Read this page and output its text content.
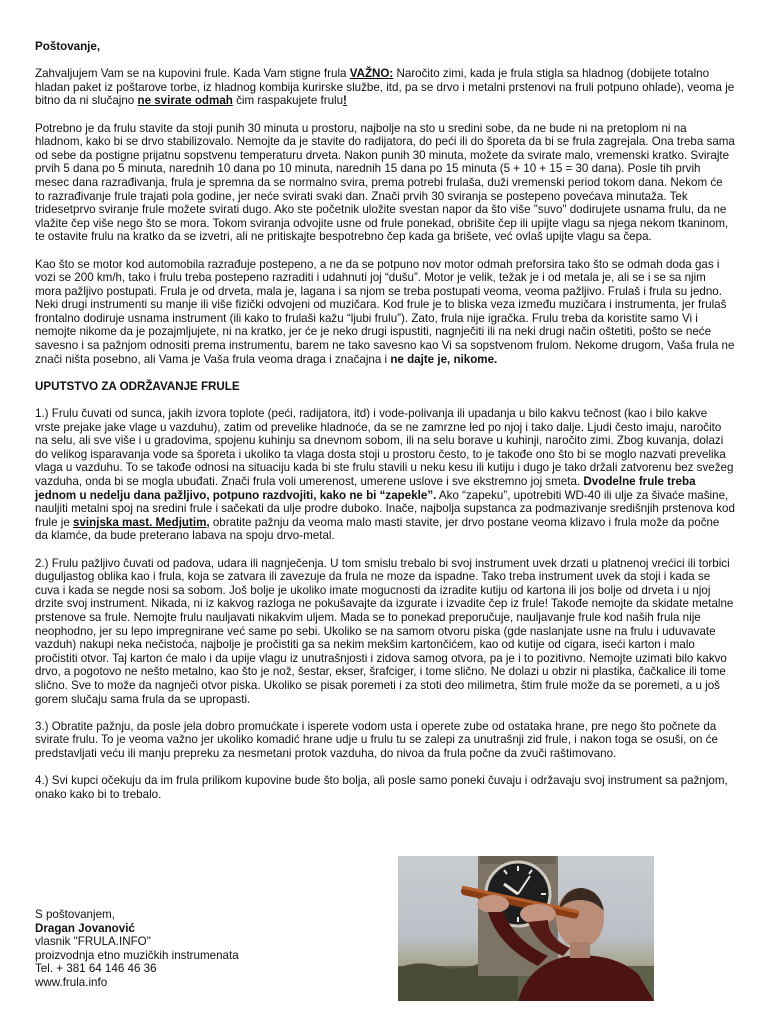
Poštovanje,

Zahvaljujem Vam se na kupovini frule. Kada Vam stigne frula VAŽNO: Naročito zimi, kada je frula stigla sa hladnog (dobijete totalno hladan paket iz poštarove torbe, iz hladnog kombija kurirske službe, itd, pa se drvo i metalni prstenovi na fruli potpuno ohlade), veoma je bitno da ni slučajno ne svirate odmah čim raspakujete frulu!

Potrebno je da frulu stavite da stoji punih 30 minuta u prostoru, najbolje na sto u sredini sobe, da ne bude ni na pretoplom ni na hladnom, kako bi se drvo stabilizovalo. Nemojte da je stavite do radijatora, do peći ili do šporeta da bi se frula zagrejala. Ona treba sama od sebe da postigne prijatnu sopstvenu temperaturu drveta. Nakon punih 30 minuta, možete da svirate malo, vremenski kratko. Svirajte prvih 5 dana po 5 minuta, narednih 10 dana po 10 minuta, narednih 15 dana po 15 minuta (5 + 10 + 15 = 30 dana). Posle tih prvih mesec dana razrađivanja, frula je spremna da se normalno svira, prema potrebi frulaša, duži vremenski period tokom dana. Nekom će to razrađivanje frule trajati pola godine, jer neće svirati svaki dan. Znači prvih 30 sviranja se postepeno povećava minutaža. Tek tridesetprvo sviranje frule možete svirati dugo. Ako ste početnik uložite svestan napor da što više "suvo" dodirujete usnama frulu, da ne vlažite čep više nego što se mora. Tokom sviranja odvojite usne od frule ponekad, obrišite čep ili upijte vlagu sa njega nekom tkaninom, te ostavite frulu na kratko da se izvetri, ali ne pritiskajte bespotrebno čep kada ga brišete, već ovlaš upijte vlagu sa čepa.

Kao što se motor kod automobila razrađuje postepeno, a ne da se potpuno nov motor odmah preforsira tako što se odmah doda gas i vozi se 200 km/h, tako i frulu treba postepeno razraditi i udahnuti joj “dušu”. Motor je velik, težak je i od metala je, ali se i se sa njim mora pažljivo postupati. Frula je od drveta, mala je, lagana i sa njom se treba postupati veoma, veoma pažljivo. Frulaš i frula su jedno. Neki drugi instrumenti su manje ili više fizički odvojeni od muzičara. Kod frule je to bliska veza između muzičara i instrumenta, jer frulaš frontalno dodiruje usnama instrument (ili kako to frulaši kažu “ljubi frulu”). Zato, frula nije igračka. Frulu treba da koristite samo Vi i nemojte nikome da je pozajmljujete, ni na kratko, jer će je neko drugi ispustiti, nagnječiti ili na neki drugi način oštetiti, pošto se neće savesno i sa pažnjom odnositi prema instrumentu, barem ne tako savesno kao Vi sa sopstvenom frulom. Nekome drugom, Vaša frula ne znači ništa posebno, ali Vama je Vaša frula veoma draga i značajna i ne dajte je, nikome.

UPUTSTVO ZA ODRŽAVANJE FRULE

1.) Frulu čuvati od sunca, jakih izvora toplote (peći, radijatora, itd) i vode-polivanja ili upadanja u bilo kakvu tečnost (kao i bilo kakve vrste prejake jake vlage u vazduhu), zatim od prevelike hladnoće, da se ne zamrzne led po njoj i tako dalje. Ljudi često imaju, naročito na selu, ali sve više i u gradovima, spojenu kuhinju sa dnevnom sobom, ili na selu borave u kuhinji, naročito zimi. Zbog kuvanja, dolazi do velikog isparavanja vode sa šporeta i ukoliko ta vlaga dosta stoji u prostoru često, to je takođe ono što bi se moglo nazvati prevelika vlaga u vazduhu. To se takođe odnosi na situaciju kada bi ste frulu stavili u neku kesu ili kutiju i dugo je tako držali zatvorenu bez svežeg vazduha, onda bi se mogla ubuđati. Znači frula voli umerenost, umerene uslove i sve ekstremno joj smeta. Dvodelne frule treba jednom u nedelju dana pažljivo, potpuno razdvojiti, kako ne bi “zapekle”. Ako “zapeku”, upotrebiti WD-40 ili ulje za šivaće mašine, nauljiti metalni spoj na sredini frule i sačekati da ulje prodre duboko. Inače, najbolja supstanca za podmazivanje središnjih prstenova kod frule je svinjska mast. Medjutim, obratite pažnju da veoma malo masti stavite, jer drvo postane veoma klizavo i frula može da počne da klamće, da bude preterano labava na spoju drvo-metal.

2.) Frulu pažljivo čuvati od padova, udara ili nagnječenja. U tom smislu trebalo bi svoj instrument uvek drzati u platnenoj vrećici ili torbici duguljastog oblika kao i frula, koja se zatvara ili zavezuje da frula ne moze da ispadne. Tako treba instrument uvek da stoji i kada se cuva i kada se negde nosi sa sobom. Još bolje je ukoliko imate mogucnosti da izradite kutiju od kartona ili jos bolje od drveta i u njoj drzite svoj instrument. Nikada, ni iz kakvog razloga ne pokušavajte da izgurate i izvadite čep iz frule! Takođe nemojte da skidate metalne prstenove sa frule. Nemojte frulu nauljavati nikakvim uljem. Mada se to ponekad preporučuje, nauljavanje frule kod naših frula nije neophodno, jer su lepo impregnirane već same po sebi. Ukoliko se na samom otvoru piska (gde naslanjate usne na frulu i uduvavate vazduh) nakupi neka nečistoća, najbolje je pročistiti ga sa nekim mekšim kartončićem, kao od kutije od cigara, iseći karton i malo pročistiti otvor. Taj karton će malo i da upije vlagu iz unutrašnjosti i zidova samog otvora, pa je i to pozitivno. Nemojte uzimati bilo kakvo drvo, a pogotovo ne nešto metalno, kao što je nož, šestar, ekser, šrafciger, i tome slično. Ne dolazi u obzir ni plastika, čačkalice ili tome slično. Sve to može da nagnječi otvor piska. Ukoliko se pisak poremeti i za stoti deo milimetra, štim frule može da se poremeti, a u još gorem slučaju sama frula da se upropasti.

3.) Obratite pažnju, da posle jela dobro promućkate i isperete vodom usta i operete zube od ostataka hrane, pre nego što počnete da svirate frulu. To je veoma važno jer ukoliko komadić hrane udje u frulu tu se zalepi za unutrašnji zid frule, i nakon toga se osuši, on će predstavljati veću ili manju prepreku za nesmetani protok vazduha, do nivoa da frula počne da zvuči raštimovano.

4.) Svi kupci očekuju da im frula prilikom kupovine bude što bolja, ali posle samo poneki čuvaju i održavaju svoj instrument sa pažnjom, onako kako bi to trebalo.

S poštovanjem,
Dragan Jovanović
vlasnik "FRULA.INFO"
proizvodnja etno muzičkih instrumenata
Tel. + 381 64 146 46 36
www.frula.info
